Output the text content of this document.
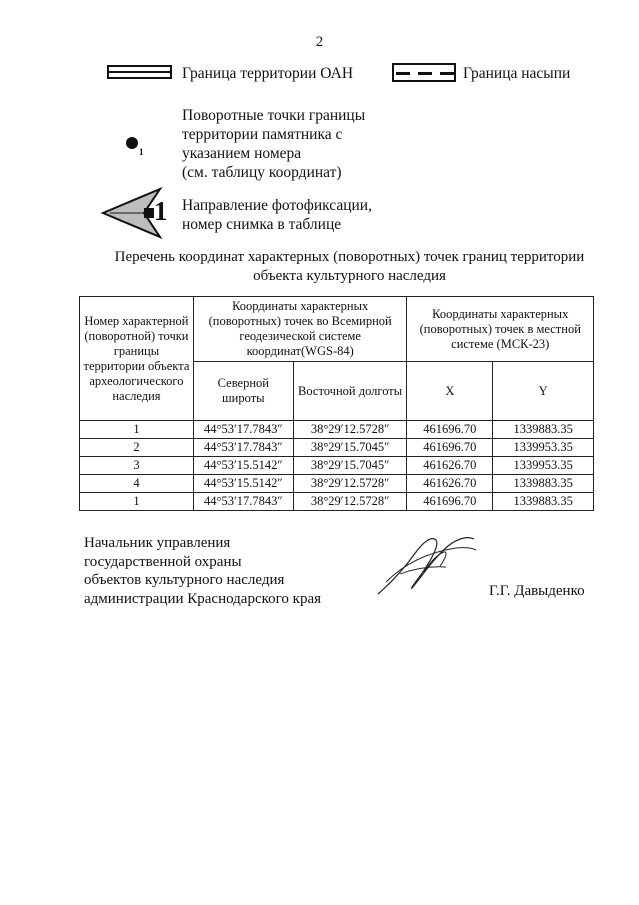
2
Граница территории ОАН	Граница насыпи
1
Поворотные точки границы
территории памятника с
указанием номера
(см. таблицу координат)
1 Направление фотофиксации,
номер снимка в таблице
Перечень координат характерных (поворотных) точек границ территории
объекта культурного наследия
Номер характерной (поворотной) точки границы территории объекта археологического наследия	Координаты характерных (поворотных) точек во Всемирной геодезической системе координат(WGS-84)		Координаты характерных (поворотных) точек в местной системе (МСК-23)	
	Северной широты	Восточной долготы	X	Y
1	44°53′17.7843″	38°29′12.5728″	461696.70	1339883.35
2	44°53′17.7843″	38°29′15.7045″	461696.70	1339953.35
3	44°53′15.5142″	38°29′15.7045″	461626.70	1339953.35
4	44°53′15.5142″	38°29′12.5728″	461626.70	1339883.35
1	44°53′17.7843″	38°29′12.5728″	461696.70	1339883.35
Начальник управления
государственной охраны
объектов культурного наследия
администрации Краснодарского края	Г.Г. Давыденко
